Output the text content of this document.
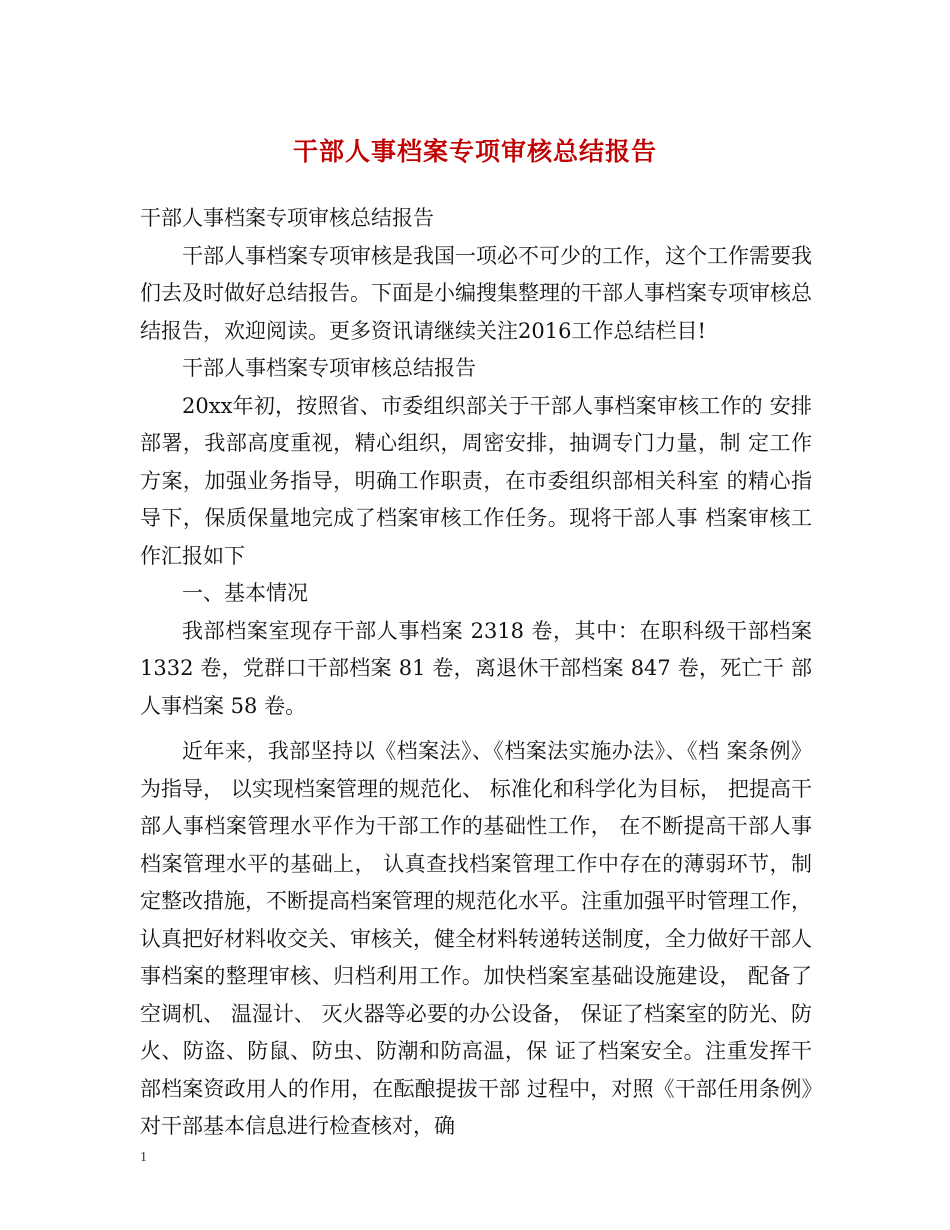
干部人事档案专项审核总结报告

干部人事档案专项审核总结报告

干部人事档案专项审核是我国一项必不可少的工作，这个工作需要我们去及时做好总结报告。下面是小编搜集整理的干部人事档案专项审核总结报告，欢迎阅读。更多资讯请继续关注2016工作总结栏目!

干部人事档案专项审核总结报告

20xx年初，按照省、市委组织部关于干部人事档案审核工作的 安排部署，我部高度重视，精心组织，周密安排，抽调专门力量，制 定工作方案，加强业务指导，明确工作职责，在市委组织部相关科室 的精心指导下，保质保量地完成了档案审核工作任务。现将干部人事 档案审核工作汇报如下

一、基本情况

我部档案室现存干部人事档案 2318 卷，其中：在职科级干部档案 1332 卷，党群口干部档案 81 卷，离退休干部档案 847 卷，死亡干 部人事档案 58 卷。

近年来，我部坚持以《档案法》、《档案法实施办法》、《档 案条例》 为指导， 以实现档案管理的规范化、 标准化和科学化为目标， 把提高干部人事档案管理水平作为干部工作的基础性工作， 在不断提高干部人事档案管理水平的基础上， 认真查找档案管理工作中存在的薄弱环节，制定整改措施，不断提高档案管理的规范化水平。注重加强平时管理工作，认真把好材料收交关、审核关，健全材料转递转送制度，全力做好干部人事档案的整理审核、归档利用工作。加快档案室基础设施建设， 配备了空调机、 温湿计、 灭火器等必要的办公设备， 保证了档案室的防光、防火、防盗、防鼠、防虫、防潮和防高温，保 证了档案安全。注重发挥干部档案资政用人的作用，在酝酿提拔干部 过程中，对照《干部任用条例》对干部基本信息进行检查核对，确

1
